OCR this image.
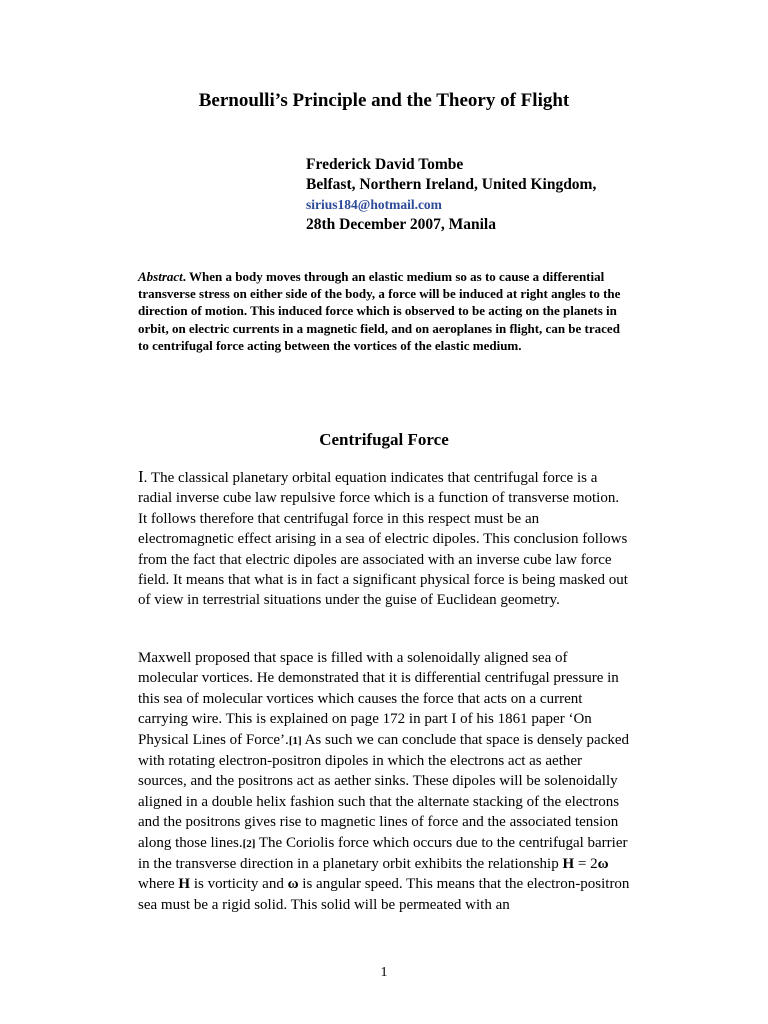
Bernoulli’s Principle and the Theory of Flight
Frederick David Tombe
Belfast, Northern Ireland, United Kingdom,
sirius184@hotmail.com
28th December 2007, Manila
Abstract. When a body moves through an elastic medium so as to cause a differential transverse stress on either side of the body, a force will be induced at right angles to the direction of motion. This induced force which is observed to be acting on the planets in orbit, on electric currents in a magnetic field, and on aeroplanes in flight, can be traced to centrifugal force acting between the vortices of the elastic medium.
Centrifugal Force
I. The classical planetary orbital equation indicates that centrifugal force is a radial inverse cube law repulsive force which is a function of transverse motion. It follows therefore that centrifugal force in this respect must be an electromagnetic effect arising in a sea of electric dipoles. This conclusion follows from the fact that electric dipoles are associated with an inverse cube law force field. It means that what is in fact a significant physical force is being masked out of view in terrestrial situations under the guise of Euclidean geometry.
Maxwell proposed that space is filled with a solenoidally aligned sea of molecular vortices. He demonstrated that it is differential centrifugal pressure in this sea of molecular vortices which causes the force that acts on a current carrying wire. This is explained on page 172 in part I of his 1861 paper ‘On Physical Lines of Force’.[1] As such we can conclude that space is densely packed with rotating electron-positron dipoles in which the electrons act as aether sources, and the positrons act as aether sinks. These dipoles will be solenoidally aligned in a double helix fashion such that the alternate stacking of the electrons and the positrons gives rise to magnetic lines of force and the associated tension along those lines.[2] The Coriolis force which occurs due to the centrifugal barrier in the transverse direction in a planetary orbit exhibits the relationship H = 2ω where H is vorticity and ω is angular speed. This means that the electron-positron sea must be a rigid solid. This solid will be permeated with an
1
